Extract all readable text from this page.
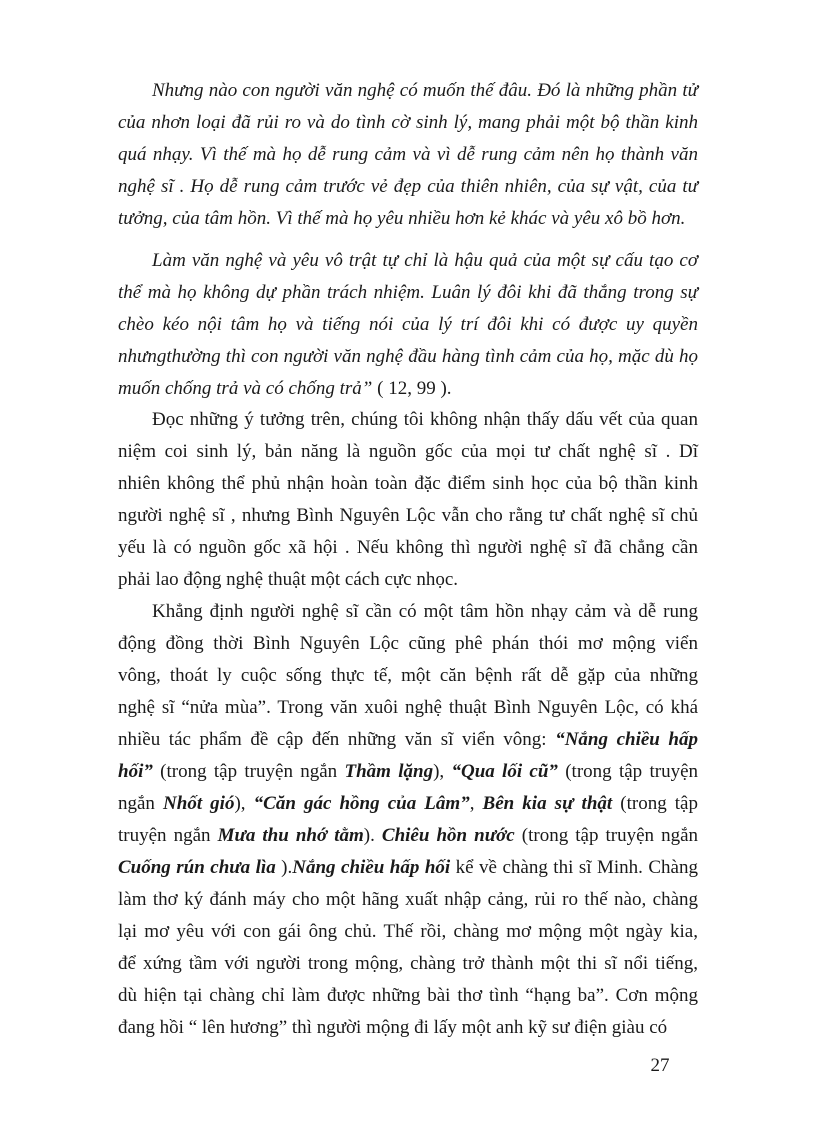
Nhưng nào con người văn nghệ có muốn thế đâu. Đó là những phần tử
của nhơn loại đã rủi ro và do tình cờ sinh lý, mang phải một bộ thần kinh
quá nhạy. Vì thế mà họ dễ rung cảm và vì dễ rung cảm nên họ thành văn
nghệ sĩ . Họ dễ rung cảm trước vẻ đẹp của thiên nhiên, của sự vật, của tư
tưởng, của tâm hồn. Vì thế mà họ yêu nhiều hơn kẻ khác và yêu xô bồ hơn.
Làm văn nghệ và yêu vô trật tự chỉ là hậu quả của một sự cấu tạo cơ
thể mà họ không dự phần trách nhiệm. Luân lý đôi khi đã thắng trong sự
chèo kéo nội tâm họ và tiếng nói của lý trí đôi khi có được uy quyền
nhưngthường thì con người văn nghệ đầu hàng tình cảm của họ, mặc dù họ
muốn chống trả và có chống trả” ( 12, 99 ).
Đọc những ý tưởng trên, chúng tôi không nhận thấy dấu vết của quan
niệm coi sinh lý, bản năng là nguồn gốc của mọi tư chất nghệ sĩ . Dĩ
nhiên không thể phủ nhận hoàn toàn đặc điểm sinh học của bộ thần kinh
người nghệ sĩ , nhưng Bình Nguyên Lộc vẫn cho rằng tư chất nghệ sĩ chủ
yếu là có nguồn gốc xã hội . Nếu không thì người nghệ sĩ đã chẳng cần
phải lao động nghệ thuật một cách cực nhọc.
Khẳng định người nghệ sĩ cần có một tâm hồn nhạy cảm và dễ rung
động đồng thời Bình Nguyên Lộc cũng phê phán thói mơ mộng viển
vông, thoát ly cuộc sống thực tế, một căn bệnh rất dễ gặp của những
nghệ sĩ “nửa mùa”. Trong văn xuôi nghệ thuật Bình Nguyên Lộc, có khá
nhiều tác phẩm đề cập đến những văn sĩ viển vông: “Nắng chiều hấp
hối” (trong tập truyện ngắn Thầm lặng), “Qua lối cũ” (trong tập truyện
ngắn Nhốt gió), “Căn gác hồng của Lâm”, Bên kia sự thật (trong tập
truyện ngắn Mưa thu nhớ tằm). Chiêu hồn nước (trong tập truyện ngắn
Cuống rún chưa lìa ).Nắng chiều hấp hối kể về chàng thi sĩ Minh. Chàng
làm thơ ký đánh máy cho một hãng xuất nhập cảng, rủi ro thế nào, chàng
lại mơ yêu với con gái ông chủ. Thế rồi, chàng mơ mộng một ngày kia,
để xứng tầm với người trong mộng, chàng trở thành một thi sĩ nổi tiếng,
dù hiện tại chàng chỉ làm được những bài thơ tình “hạng ba”. Cơn mộng
đang hồi “ lên hương” thì người mộng đi lấy một anh kỹ sư điện giàu có
27
